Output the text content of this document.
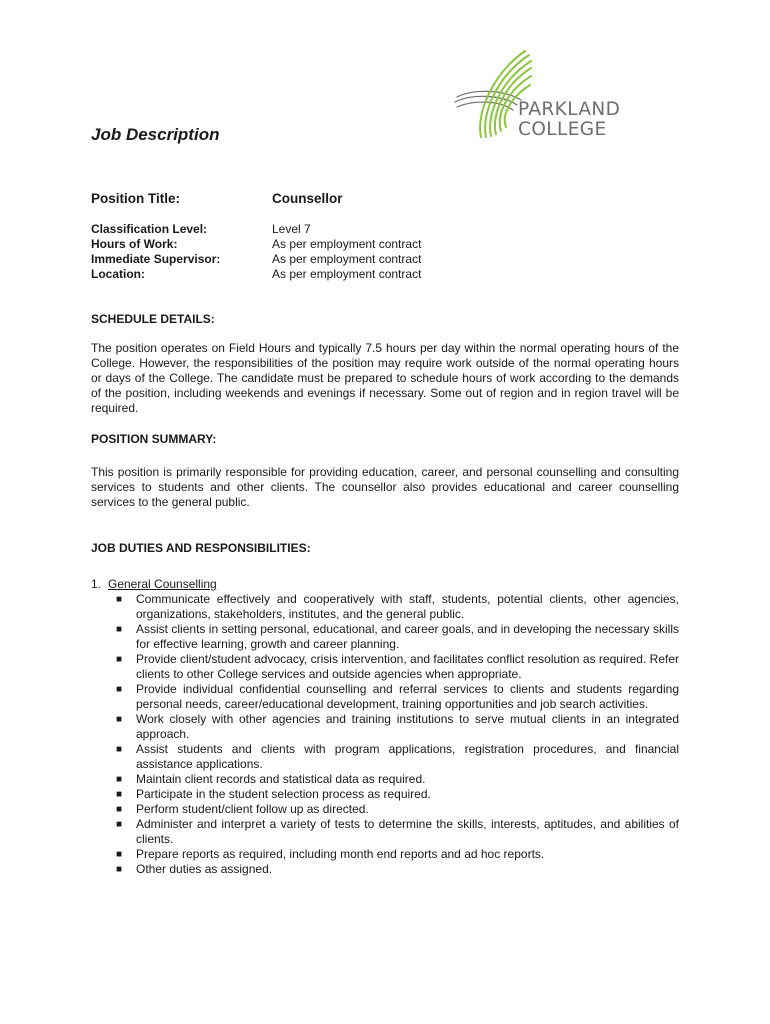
PARKLAND
COLLEGE
Job Description
Position Title:	Counsellor
Classification Level:
Hours of Work:
Immediate Supervisor:
Location:
Level 7
As per employment contract
As per employment contract
As per employment contract
SCHEDULE DETAILS:

The position operates on Field Hours and typically 7.5 hours per day within the normal operating hours of the College. However, the responsibilities of the position may require work outside of the normal operating hours or days of the College. The candidate must be prepared to schedule hours of work according to the demands of the position, including weekends and evenings if necessary. Some out of region and in region travel will be required.

POSITION SUMMARY:

This position is primarily responsible for providing education, career, and personal counselling and consulting services to students and other clients. The counsellor also provides educational and career counselling services to the general public.

JOB DUTIES AND RESPONSIBILITIES:
1. General Counselling
■ Communicate effectively and cooperatively with staff, students, potential clients, other agencies, organizations, stakeholders, institutes, and the general public.
■ Assist clients in setting personal, educational, and career goals, and in developing the necessary skills for effective learning, growth and career planning.
■ Provide client/student advocacy, crisis intervention, and facilitates conflict resolution as required. Refer clients to other College services and outside agencies when appropriate.
■ Provide individual confidential counselling and referral services to clients and students regarding personal needs, career/educational development, training opportunities and job search activities.
■ Work closely with other agencies and training institutions to serve mutual clients in an integrated approach.
■ Assist students and clients with program applications, registration procedures, and financial assistance applications.
■ Maintain client records and statistical data as required.
■ Participate in the student selection process as required.
■ Perform student/client follow up as directed.
■ Administer and interpret a variety of tests to determine the skills, interests, aptitudes, and abilities of clients.
■ Prepare reports as required, including month end reports and ad hoc reports.
■ Other duties as assigned.
